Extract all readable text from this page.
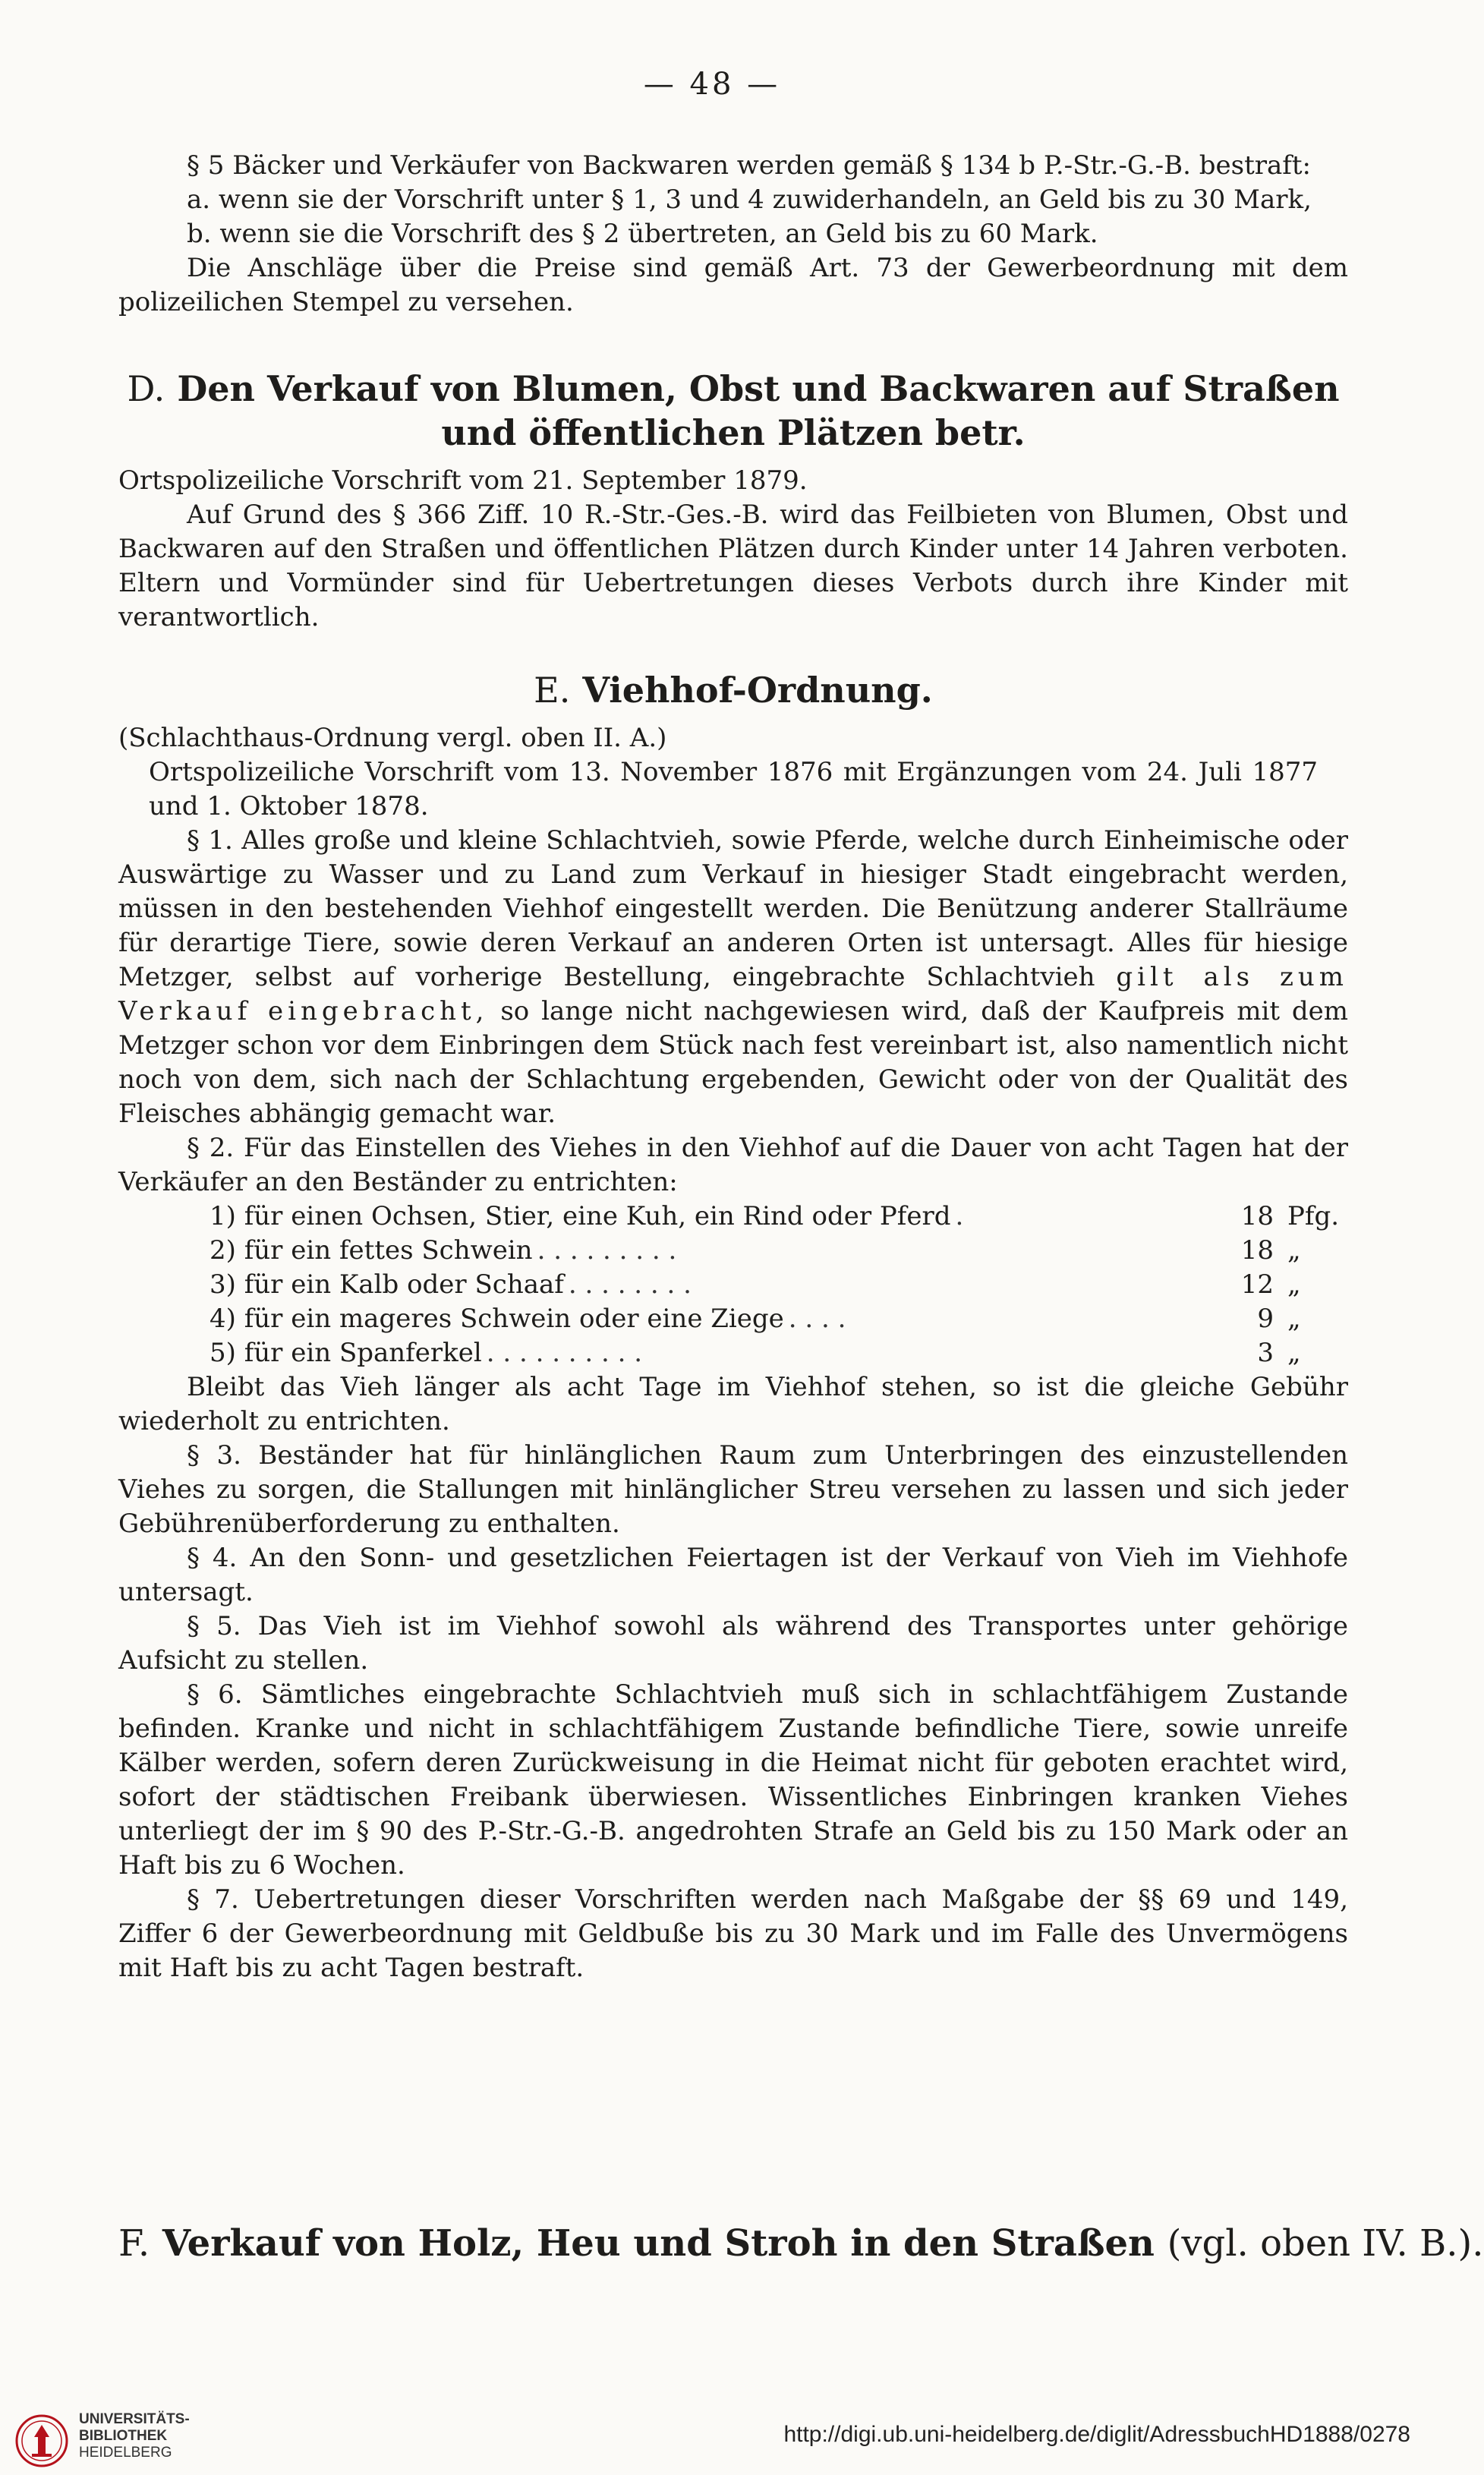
— 48 —

§ 5 Bäcker und Verkäufer von Backwaren werden gemäß § 134 b P.-Str.-G.-B. bestraft:

a. wenn sie der Vorschrift unter § 1, 3 und 4 zuwiderhandeln, an Geld bis zu 30 Mark,

b. wenn sie die Vorschrift des § 2 übertreten, an Geld bis zu 60 Mark.

Die Anschläge über die Preise sind gemäß Art. 73 der Gewerbeordnung mit dem polizeilichen Stempel zu versehen.

D. Den Verkauf von Blumen, Obst und Backwaren auf Straßen und öffentlichen Plätzen betr.

Ortspolizeiliche Vorschrift vom 21. September 1879.

Auf Grund des § 366 Ziff. 10 R.-Str.-Ges.-B. wird das Feilbieten von Blumen, Obst und Backwaren auf den Straßen und öffentlichen Plätzen durch Kinder unter 14 Jahren verboten. Eltern und Vormünder sind für Uebertretungen dieses Verbots durch ihre Kinder mit verantwortlich.

E. Viehhof-Ordnung.

(Schlachthaus-Ordnung vergl. oben II. A.)

Ortspolizeiliche Vorschrift vom 13. November 1876 mit Ergänzungen vom 24. Juli 1877 und 1. Oktober 1878.

§ 1. Alles große und kleine Schlachtvieh, sowie Pferde, welche durch Einheimische oder Auswärtige zu Wasser und zu Land zum Verkauf in hiesiger Stadt eingebracht werden, müssen in den bestehenden Viehhof eingestellt werden. Die Benützung anderer Stallräume für derartige Tiere, sowie deren Verkauf an anderen Orten ist untersagt. Alles für hiesige Metzger, selbst auf vorherige Bestellung, eingebrachte Schlachtvieh gilt als zum Verkauf eingebracht, so lange nicht nachgewiesen wird, daß der Kaufpreis mit dem Metzger schon vor dem Einbringen dem Stück nach fest vereinbart ist, also namentlich nicht noch von dem, sich nach der Schlachtung ergebenden, Gewicht oder von der Qualität des Fleisches abhängig gemacht war.

§ 2. Für das Einstellen des Viehes in den Viehhof auf die Dauer von acht Tagen hat der Verkäufer an den Beständer zu entrichten:

1) für einen Ochsen, Stier, eine Kuh, ein Rind oder Pferd .	18 Pfg.
2) für ein fettes Schwein . . . . . . . . .	18 „
3) für ein Kalb oder Schaaf . . . . . . . .	12 „
4) für ein mageres Schwein oder eine Ziege . . . .	9 „
5) für ein Spanferkel . . . . . . . . . .	3 „

Bleibt das Vieh länger als acht Tage im Viehhof stehen, so ist die gleiche Gebühr wiederholt zu entrichten.

§ 3. Beständer hat für hinlänglichen Raum zum Unterbringen des einzustellenden Viehes zu sorgen, die Stallungen mit hinlänglicher Streu versehen zu lassen und sich jeder Gebührenüberforderung zu enthalten.

§ 4. An den Sonn- und gesetzlichen Feiertagen ist der Verkauf von Vieh im Viehhofe untersagt.

§ 5. Das Vieh ist im Viehhof sowohl als während des Transportes unter gehörige Aufsicht zu stellen.

§ 6. Sämtliches eingebrachte Schlachtvieh muß sich in schlachtfähigem Zustande befinden. Kranke und nicht in schlachtfähigem Zustande befindliche Tiere, sowie unreife Kälber werden, sofern deren Zurückweisung in die Heimat nicht für geboten erachtet wird, sofort der städtischen Freibank überwiesen. Wissentliches Einbringen kranken Viehes unterliegt der im § 90 des P.-Str.-G.-B. angedrohten Strafe an Geld bis zu 150 Mark oder an Haft bis zu 6 Wochen.

§ 7. Uebertretungen dieser Vorschriften werden nach Maßgabe der §§ 69 und 149, Ziffer 6 der Gewerbeordnung mit Geldbuße bis zu 30 Mark und im Falle des Unvermögens mit Haft bis zu acht Tagen bestraft.

F. Verkauf von Holz, Heu und Stroh in den Straßen (vgl. oben IV. B.).
UNIVERSITÄTS-
BIBLIOTHEK
HEIDELBERG
http://digi.ub.uni-heidelberg.de/diglit/AdressbuchHD1888/0278
